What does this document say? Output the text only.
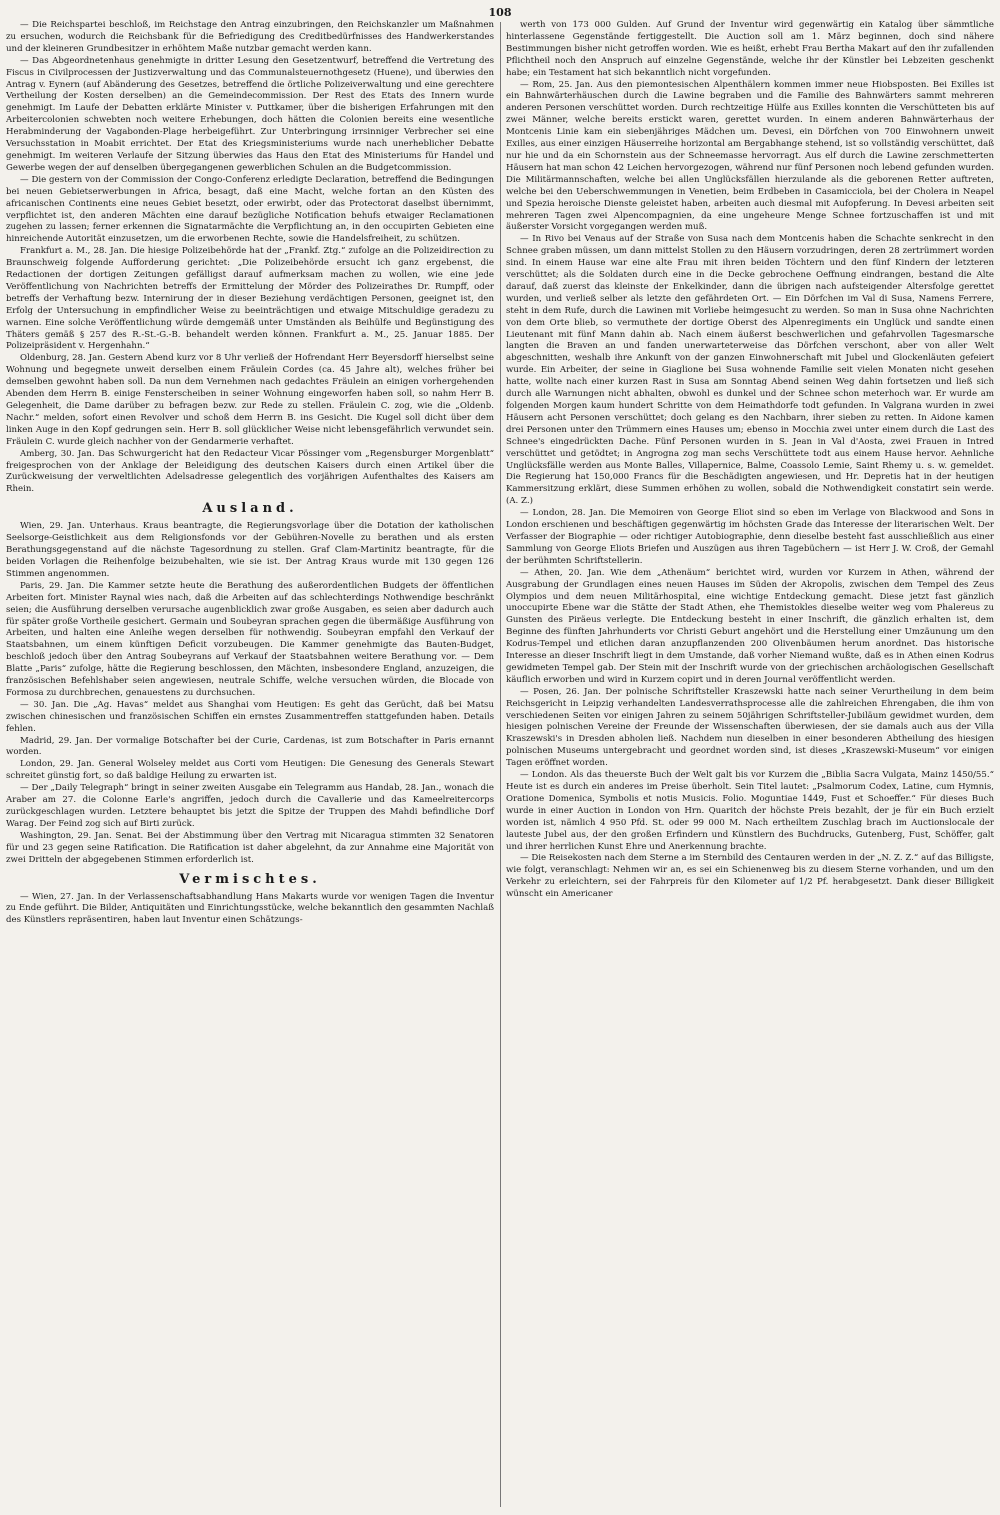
108

— Die Reichspartei beschloß, im Reichstage den Antrag einzubringen, den Reichskanzler um Maßnahmen zu ersuchen, wodurch die Reichsbank für die Befriedigung des Creditbedürfnisses des Handwerkerstandes und der kleineren Grundbesitzer in erhöhtem Maße nutzbar gemacht werden kann.

— Das Abgeordnetenhaus genehmigte in dritter Lesung den Gesetzentwurf, betreffend die Vertretung des Fiscus in Civilprocessen der Justizverwaltung und das Communalsteuernothgesetz (Huene), und überwies den Antrag v. Eynern (auf Abänderung des Gesetzes, betreffend die örtliche Polizeiverwaltung und eine gerechtere Vertheilung der Kosten derselben) an die Gemeindecommission. Der Rest des Etats des Innern wurde genehmigt. Im Laufe der Debatten erklärte Minister v. Puttkamer, über die bisherigen Erfahrungen mit den Arbeitercolonien schwebten noch weitere Erhebungen, doch hätten die Colonien bereits eine wesentliche Herabminderung der Vagabonden-Plage herbeigeführt. Zur Unterbringung irrsinniger Verbrecher sei eine Versuchsstation in Moabit errichtet. Der Etat des Kriegsministeriums wurde nach unerheblicher Debatte genehmigt. Im weiteren Verlaufe der Sitzung überwies das Haus den Etat des Ministeriums für Handel und Gewerbe wegen der auf denselben übergegangenen gewerblichen Schulen an die Budgetcommission.

— Die gestern von der Commission der Congo-Conferenz erledigte Declaration, betreffend die Bedingungen bei neuen Gebietserwerbungen in Africa, besagt, daß eine Macht, welche fortan an den Küsten des africanischen Continents eine neues Gebiet besetzt, oder erwirbt, oder das Protectorat daselbst übernimmt, verpflichtet ist, den anderen Mächten eine darauf bezügliche Notification behufs etwaiger Reclamationen zugehen zu lassen; ferner erkennen die Signatarmächte die Verpflichtung an, in den occupirten Gebieten eine hinreichende Autorität einzusetzen, um die erworbenen Rechte, sowie die Handelsfreiheit, zu schützen.

Frankfurt a. M., 28. Jan. Die hiesige Polizeibehörde hat der „Frankf. Ztg.“ zufolge an die Polizeidirection zu Braunschweig folgende Aufforderung gerichtet: „Die Polizeibehörde ersucht ich ganz ergebenst, die Redactionen der dortigen Zeitungen gefälligst darauf aufmerksam machen zu wollen, wie eine jede Veröffentlichung von Nachrichten betreffs der Ermittelung der Mörder des Polizeirathes Dr. Rumpff, oder betreffs der Verhaftung bezw. Internirung der in dieser Beziehung verdächtigen Personen, geeignet ist, den Erfolg der Untersuchung in empfindlicher Weise zu beeinträchtigen und etwaige Mitschuldige geradezu zu warnen. Eine solche Veröffentlichung würde demgemäß unter Umständen als Beihülfe und Begünstigung des Thäters gemäß § 257 des R.-St.-G.-B. behandelt werden können. Frankfurt a. M., 25. Januar 1885. Der Polizeipräsident v. Hergenhahn.“

Oldenburg, 28. Jan. Gestern Abend kurz vor 8 Uhr verließ der Hofrendant Herr Beyersdorff hierselbst seine Wohnung und begegnete unweit derselben einem Fräulein Cordes (ca. 45 Jahre alt), welches früher bei demselben gewohnt haben soll. Da nun dem Vernehmen nach gedachtes Fräulein an einigen vorhergehenden Abenden dem Herrn B. einige Fensterscheiben in seiner Wohnung eingeworfen haben soll, so nahm Herr B. Gelegenheit, die Dame darüber zu befragen bezw. zur Rede zu stellen. Fräulein C. zog, wie die „Oldenb. Nachr.“ melden, sofort einen Revolver und schoß dem Herrn B. ins Gesicht. Die Kugel soll dicht über dem linken Auge in den Kopf gedrungen sein. Herr B. soll glücklicher Weise nicht lebensgefährlich verwundet sein. Fräulein C. wurde gleich nachher von der Gendarmerie verhaftet.

Amberg, 30. Jan. Das Schwurgericht hat den Redacteur Vicar Pössinger vom „Regensburger Morgenblatt“ freigesprochen von der Anklage der Beleidigung des deutschen Kaisers durch einen Artikel über die Zurückweisung der verweltlichten Adelsadresse gelegentlich des vorjährigen Aufenthaltes des Kaisers am Rhein.

Ausland.

Wien, 29. Jan. Unterhaus. Kraus beantragte, die Regierungsvorlage über die Dotation der katholischen Seelsorge-Geistlichkeit aus dem Religionsfonds vor der Gebühren-Novelle zu berathen und als ersten Berathungsgegenstand auf die nächste Tagesordnung zu stellen. Graf Clam-Martinitz beantragte, für die beiden Vorlagen die Reihenfolge beizubehalten, wie sie ist. Der Antrag Kraus wurde mit 130 gegen 126 Stimmen angenommen.

Paris, 29. Jan. Die Kammer setzte heute die Berathung des außerordentlichen Budgets der öffentlichen Arbeiten fort. Minister Raynal wies nach, daß die Arbeiten auf das schlechterdings Nothwendige beschränkt seien; die Ausführung derselben verursache augenblicklich zwar große Ausgaben, es seien aber dadurch auch für später große Vortheile gesichert. Germain und Soubeyran sprachen gegen die übermäßige Ausführung von Arbeiten, und halten eine Anleihe wegen derselben für nothwendig. Soubeyran empfahl den Verkauf der Staatsbahnen, um einem künftigen Deficit vorzubeugen. Die Kammer genehmigte das Bauten-Budget, beschloß jedoch über den Antrag Soubeyrans auf Verkauf der Staatsbahnen weitere Berathung vor. — Dem Blatte „Paris“ zufolge, hätte die Regierung beschlossen, den Mächten, insbesondere England, anzuzeigen, die französischen Befehlshaber seien angewiesen, neutrale Schiffe, welche versuchen würden, die Blocade von Formosa zu durchbrechen, genauestens zu durchsuchen.

— 30. Jan. Die „Ag. Havas“ meldet aus Shanghai vom Heutigen: Es geht das Gerücht, daß bei Matsu zwischen chinesischen und französischen Schiffen ein ernstes Zusammentreffen stattgefunden haben. Details fehlen.

Madrid, 29. Jan. Der vormalige Botschafter bei der Curie, Cardenas, ist zum Botschafter in Paris ernannt worden.

London, 29. Jan. General Wolseley meldet aus Corti vom Heutigen: Die Genesung des Generals Stewart schreitet günstig fort, so daß baldige Heilung zu erwarten ist.

— Der „Daily Telegraph“ bringt in seiner zweiten Ausgabe ein Telegramm aus Handab, 28. Jan., wonach die Araber am 27. die Colonne Earle's angriffen, jedoch durch die Cavallerie und das Kameelreitercorps zurückgeschlagen wurden. Letztere behauptet bis jetzt die Spitze der Truppen des Mahdi befindliche Dorf Warag. Der Feind zog sich auf Birti zurück.

Washington, 29. Jan. Senat. Bei der Abstimmung über den Vertrag mit Nicaragua stimmten 32 Senatoren für und 23 gegen seine Ratification. Die Ratification ist daher abgelehnt, da zur Annahme eine Majorität von zwei Dritteln der abgegebenen Stimmen erforderlich ist.

Vermischtes.

— Wien, 27. Jan. In der Verlassenschaftsabhandlung Hans Makarts wurde vor wenigen Tagen die Inventur zu Ende geführt. Die Bilder, Antiquitäten und Einrichtungsstücke, welche bekanntlich den gesammten Nachlaß des Künstlers repräsentiren, haben laut Inventur einen Schätzungs-

werth von 173 000 Gulden. Auf Grund der Inventur wird gegenwärtig ein Katalog über sämmtliche hinterlassene Gegenstände fertiggestellt. Die Auction soll am 1. März beginnen, doch sind nähere Bestimmungen bisher nicht getroffen worden. Wie es heißt, erhebt Frau Bertha Makart auf den ihr zufallenden Pflichtheil noch den Anspruch auf einzelne Gegenstände, welche ihr der Künstler bei Lebzeiten geschenkt habe; ein Testament hat sich bekanntlich nicht vorgefunden.

— Rom, 25. Jan. Aus den piemontesischen Alpenthälern kommen immer neue Hiobsposten. Bei Exilles ist ein Bahnwärterhäuschen durch die Lawine begraben und die Familie des Bahnwärters sammt mehreren anderen Personen verschüttet worden. Durch rechtzeitige Hülfe aus Exilles konnten die Verschütteten bis auf zwei Männer, welche bereits erstickt waren, gerettet wurden. In einem anderen Bahnwärterhaus der Montcenis Linie kam ein siebenjähriges Mädchen um. Devesi, ein Dörfchen von 700 Einwohnern unweit Exilles, aus einer einzigen Häuserreihe horizontal am Bergabhange stehend, ist so vollständig verschüttet, daß nur hie und da ein Schornstein aus der Schneemasse hervorragt. Aus elf durch die Lawine zerschmetterten Häusern hat man schon 42 Leichen hervorgezogen, während nur fünf Personen noch lebend gefunden wurden. Die Militärmannschaften, welche bei allen Unglücksfällen hierzulande als die geborenen Retter auftreten, welche bei den Ueberschwemmungen in Venetien, beim Erdbeben in Casamicciola, bei der Cholera in Neapel und Spezia heroische Dienste geleistet haben, arbeiten auch diesmal mit Aufopferung. In Devesi arbeiten seit mehreren Tagen zwei Alpencompagnien, da eine ungeheure Menge Schnee fortzuschaffen ist und mit äußerster Vorsicht vorgegangen werden muß.

— In Rivo bei Venaus auf der Straße von Susa nach dem Montcenis haben die Schachte senkrecht in den Schnee graben müssen, um dann mittelst Stollen zu den Häusern vorzudringen, deren 28 zertrümmert worden sind. In einem Hause war eine alte Frau mit ihren beiden Töchtern und den fünf Kindern der letzteren verschüttet; als die Soldaten durch eine in die Decke gebrochene Oeffnung eindrangen, bestand die Alte darauf, daß zuerst das kleinste der Enkelkinder, dann die übrigen nach aufsteigender Altersfolge gerettet wurden, und verließ selber als letzte den gefährdeten Ort. — Ein Dörfchen im Val di Susa, Namens Ferrere, steht in dem Rufe, durch die Lawinen mit Vorliebe heimgesucht zu werden. So man in Susa ohne Nachrichten von dem Orte blieb, so vermuthete der dortige Oberst des Alpenregiments ein Unglück und sandte einen Lieutenant mit fünf Mann dahin ab. Nach einem äußerst beschwerlichen und gefahrvollen Tagesmarsche langten die Braven an und fanden unerwarteterweise das Dörfchen verschont, aber von aller Welt abgeschnitten, weshalb ihre Ankunft von der ganzen Einwohnerschaft mit Jubel und Glockenläuten gefeiert wurde. Ein Arbeiter, der seine in Giaglione bei Susa wohnende Familie seit vielen Monaten nicht gesehen hatte, wollte nach einer kurzen Rast in Susa am Sonntag Abend seinen Weg dahin fortsetzen und ließ sich durch alle Warnungen nicht abhalten, obwohl es dunkel und der Schnee schon meterhoch war. Er wurde am folgenden Morgen kaum hundert Schritte von dem Heimathdorfe todt gefunden. In Valgrana wurden in zwei Häusern acht Personen verschüttet; doch gelang es den Nachbarn, ihrer sieben zu retten. In Aidone kamen drei Personen unter den Trümmern eines Hauses um; ebenso in Mocchia zwei unter einem durch die Last des Schnee's eingedrückten Dache. Fünf Personen wurden in S. Jean in Val d'Aosta, zwei Frauen in Intred verschüttet und getödtet; in Angrogna zog man sechs Verschüttete todt aus einem Hause hervor. Aehnliche Unglücksfälle werden aus Monte Balles, Villapernice, Balme, Coassolo Lemie, Saint Rhemy u. s. w. gemeldet. Die Regierung hat 150,000 Francs für die Beschädigten angewiesen, und Hr. Depretis hat in der heutigen Kammersitzung erklärt, diese Summen erhöhen zu wollen, sobald die Nothwendigkeit constatirt sein werde. (A. Z.)

— London, 28. Jan. Die Memoiren von George Eliot sind so eben im Verlage von Blackwood and Sons in London erschienen und beschäftigen gegenwärtig im höchsten Grade das Interesse der literarischen Welt. Der Verfasser der Biographie — oder richtiger Autobiographie, denn dieselbe besteht fast ausschließlich aus einer Sammlung von George Eliots Briefen und Auszügen aus ihren Tagebüchern — ist Herr J. W. Croß, der Gemahl der berühmten Schriftstellerin.

— Athen, 20. Jan. Wie dem „Athenäum“ berichtet wird, wurden vor Kurzem in Athen, während der Ausgrabung der Grundlagen eines neuen Hauses im Süden der Akropolis, zwischen dem Tempel des Zeus Olympios und dem neuen Militärhospital, eine wichtige Entdeckung gemacht. Diese jetzt fast gänzlich unoccupirte Ebene war die Stätte der Stadt Athen, ehe Themistokles dieselbe weiter weg vom Phalereus zu Gunsten des Piräeus verlegte. Die Entdeckung besteht in einer Inschrift, die gänzlich erhalten ist, dem Beginne des fünften Jahrhunderts vor Christi Geburt angehört und die Herstellung einer Umzäunung um den Kodrus-Tempel und etlichen daran anzupflanzenden 200 Olivenbäumen herum anordnet. Das historische Interesse an dieser Inschrift liegt in dem Umstande, daß vorher Niemand wußte, daß es in Athen einen Kodrus gewidmeten Tempel gab. Der Stein mit der Inschrift wurde von der griechischen archäologischen Gesellschaft käuflich erworben und wird in Kurzem copirt und in deren Journal veröffentlicht werden.

— Posen, 26. Jan. Der polnische Schriftsteller Kraszewski hatte nach seiner Verurtheilung in dem beim Reichsgericht in Leipzig verhandelten Landesverrathsprocesse alle die zahlreichen Ehrengaben, die ihm von verschiedenen Seiten vor einigen Jahren zu seinem 50jährigen Schriftsteller-Jubiläum gewidmet wurden, dem hiesigen polnischen Vereine der Freunde der Wissenschaften überwiesen, der sie damals auch aus der Villa Kraszewski's in Dresden abholen ließ. Nachdem nun dieselben in einer besonderen Abtheilung des hiesigen polnischen Museums untergebracht und geordnet worden sind, ist dieses „Kraszewski-Museum“ vor einigen Tagen eröffnet worden.

— London. Als das theuerste Buch der Welt galt bis vor Kurzem die „Biblia Sacra Vulgata, Mainz 1450/55.“ Heute ist es durch ein anderes im Preise überholt. Sein Titel lautet: „Psalmorum Codex, Latine, cum Hymnis, Oratione Domenica, Symbolis et notis Musicis. Folio. Moguntiae 1449, Fust et Schoeffer.“ Für dieses Buch wurde in einer Auction in London von Hrn. Quaritch der höchste Preis bezahlt, der je für ein Buch erzielt worden ist, nämlich 4 950 Pfd. St. oder 99 000 M. Nach ertheiltem Zuschlag brach im Auctionslocale der lauteste Jubel aus, der den großen Erfindern und Künstlern des Buchdrucks, Gutenberg, Fust, Schöffer, galt und ihrer herrlichen Kunst Ehre und Anerkennung brachte.

— Die Reisekosten nach dem Sterne a im Sternbild des Centauren werden in der „N. Z. Z.“ auf das Billigste, wie folgt, veranschlagt: Nehmen wir an, es sei ein Schienenweg bis zu diesem Sterne vorhanden, und um den Verkehr zu erleichtern, sei der Fahrpreis für den Kilometer auf 1/2 Pf. herabgesetzt. Dank dieser Billigkeit wünscht ein Americaner
